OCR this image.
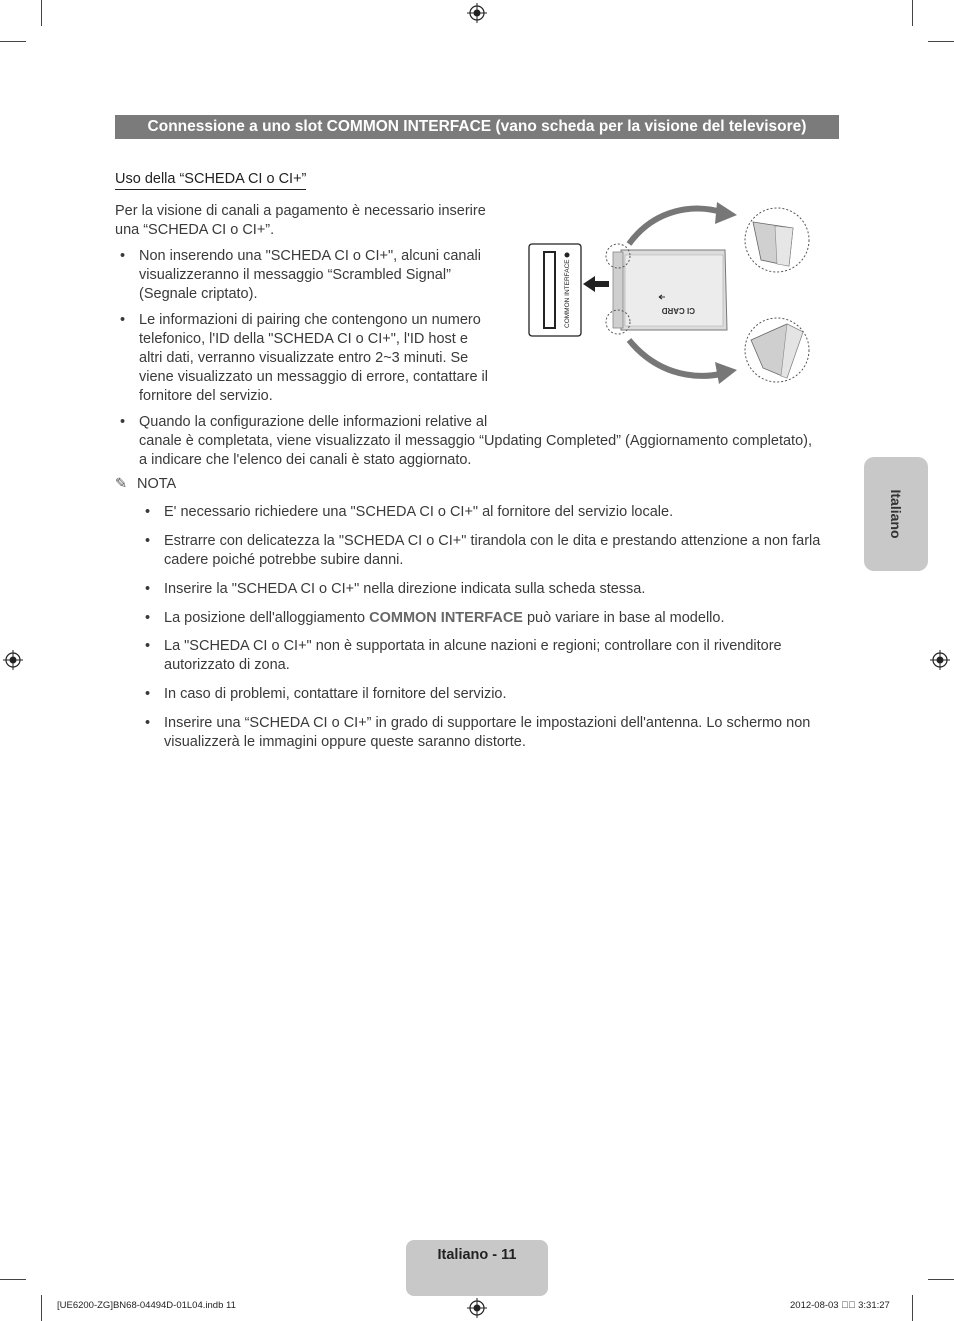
Connessione a uno slot COMMON INTERFACE (vano scheda per la visione del televisore)
Uso della “SCHEDA CI o CI+”
Per la visione di canali a pagamento è necessario inserire
una “SCHEDA CI o CI+”.
• Non inserendo una "SCHEDA CI o CI+", alcuni canali
visualizzeranno il messaggio “Scrambled Signal”
(Segnale criptato).
• Le informazioni di pairing che contengono un numero
telefonico, l'ID della "SCHEDA CI o CI+", l'ID host e
altri dati, verranno visualizzate entro 2~3 minuti. Se
viene visualizzato un messaggio di errore, contattare il
fornitore del servizio.
• Quando la configurazione delle informazioni relative al
canale è completata, viene visualizzato il messaggio “Updating Completed” (Aggiornamento completato),
a indicare che l'elenco dei canali è stato aggiornato.
✎ NOTA
• E' necessario richiedere una "SCHEDA CI o CI+" al fornitore del servizio locale.
• Estrarre con delicatezza la "SCHEDA CI o CI+" tirandola con le dita e prestando attenzione a non farla
cadere poiché potrebbe subire danni.
• Inserire la "SCHEDA CI o CI+" nella direzione indicata sulla scheda stessa.
• La posizione dell'alloggiamento COMMON INTERFACE può variare in base al modello.
• La "SCHEDA CI o CI+" non è supportata in alcune nazioni e regioni; controllare con il rivenditore
autorizzato di zona.
• In caso di problemi, contattare il fornitore del servizio.
• Inserire una “SCHEDA CI o CI+” in grado di supportare le impostazioni dell'antenna. Lo schermo non
visualizzerà le immagini oppure queste saranno distorte.
COMMON INTERFACE	CI CARD
Italiano
Italiano - 11
[UE6200-ZG]BN68-04494D-01L04.indb 11	2012-08-03 ￿￿ 3:31:27
